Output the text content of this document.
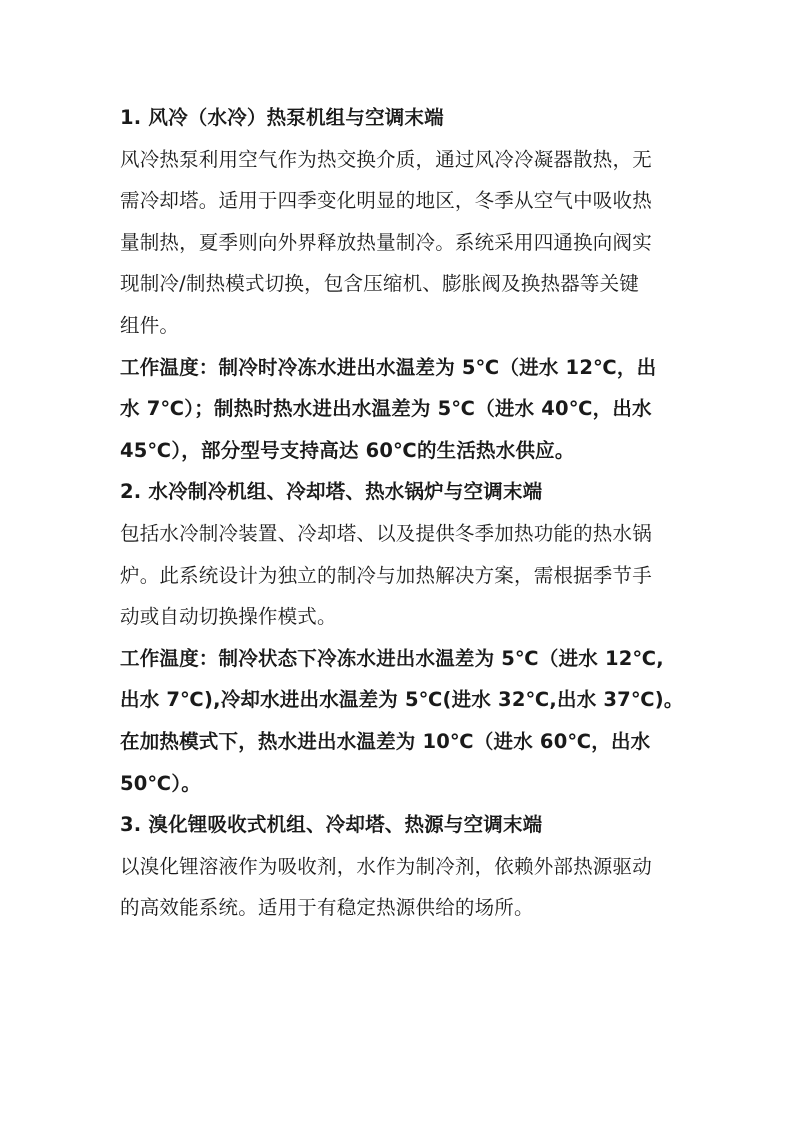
1. 风冷（水冷）热泵机组与空调末端
风冷热泵利用空气作为热交换介质，通过风冷冷凝器散热，无
需冷却塔。适用于四季变化明显的地区，冬季从空气中吸收热
量制热，夏季则向外界释放热量制冷。系统采用四通换向阀实
现制冷/制热模式切换，包含压缩机、膨胀阀及换热器等关键
组件。
工作温度：制冷时冷冻水进出水温差为 5℃（进水 12℃，出
水 7℃）；制热时热水进出水温差为 5℃（进水 40℃，出水
45℃），部分型号支持高达 60℃的生活热水供应。
2. 水冷制冷机组、冷却塔、热水锅炉与空调末端
包括水冷制冷装置、冷却塔、以及提供冬季加热功能的热水锅
炉。此系统设计为独立的制冷与加热解决方案，需根据季节手
动或自动切换操作模式。
工作温度：制冷状态下冷冻水进出水温差为 5℃（进水 12℃,
出水 7℃),冷却水进出水温差为 5℃(进水 32℃,出水 37℃)。
在加热模式下，热水进出水温差为 10℃（进水 60℃，出水
50℃）。
3. 溴化锂吸收式机组、冷却塔、热源与空调末端
以溴化锂溶液作为吸收剂，水作为制冷剂，依赖外部热源驱动
的高效能系统。适用于有稳定热源供给的场所。
